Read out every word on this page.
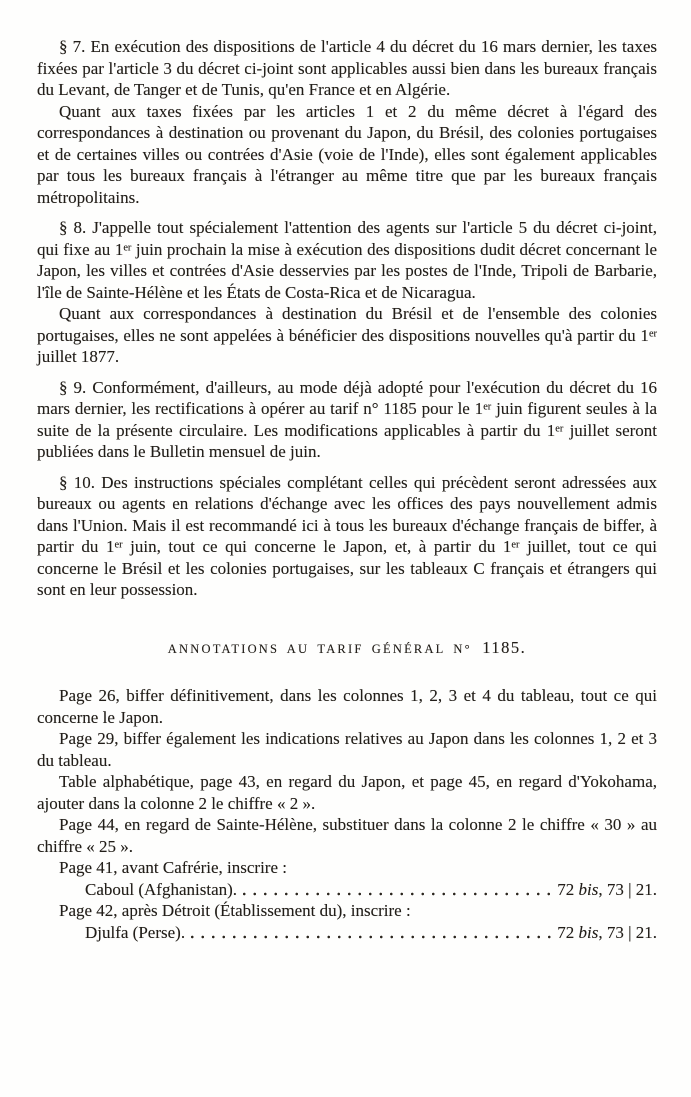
§ 7. En exécution des dispositions de l'article 4 du décret du 16 mars dernier, les taxes fixées par l'article 3 du décret ci-joint sont applicables aussi bien dans les bureaux français du Levant, de Tanger et de Tunis, qu'en France et en Algérie.

Quant aux taxes fixées par les articles 1 et 2 du même décret à l'égard des correspondances à destination ou provenant du Japon, du Brésil, des colonies portugaises et de certaines villes ou contrées d'Asie (voie de l'Inde), elles sont également applicables par tous les bureaux français à l'étranger au même titre que par les bureaux français métropolitains.

§ 8. J'appelle tout spécialement l'attention des agents sur l'article 5 du décret ci-joint, qui fixe au 1er juin prochain la mise à exécution des dispositions dudit décret concernant le Japon, les villes et contrées d'Asie desservies par les postes de l'Inde, Tripoli de Barbarie, l'île de Sainte-Hélène et les États de Costa-Rica et de Nicaragua.

Quant aux correspondances à destination du Brésil et de l'ensemble des colonies portugaises, elles ne sont appelées à bénéficier des dispositions nouvelles qu'à partir du 1er juillet 1877.

§ 9. Conformément, d'ailleurs, au mode déjà adopté pour l'exécution du décret du 16 mars dernier, les rectifications à opérer au tarif n° 1185 pour le 1er juin figurent seules à la suite de la présente circulaire. Les modifications applicables à partir du 1er juillet seront publiées dans le Bulletin mensuel de juin.

§ 10. Des instructions spéciales complétant celles qui précèdent seront adressées aux bureaux ou agents en relations d'échange avec les offices des pays nouvellement admis dans l'Union. Mais il est recommandé ici à tous les bureaux d'échange français de biffer, à partir du 1er juin, tout ce qui concerne le Japon, et, à partir du 1er juillet, tout ce qui concerne le Brésil et les colonies portugaises, sur les tableaux C français et étrangers qui sont en leur possession.

ANNOTATIONS AU TARIF GÉNÉRAL N° 1185.

Page 26, biffer définitivement, dans les colonnes 1, 2, 3 et 4 du tableau, tout ce qui concerne le Japon.

Page 29, biffer également les indications relatives au Japon dans les colonnes 1, 2 et 3 du tableau.

Table alphabétique, page 43, en regard du Japon, et page 45, en regard d'Yokohama, ajouter dans la colonne 2 le chiffre « 2 ».

Page 44, en regard de Sainte-Hélène, substituer dans la colonne 2 le chiffre « 30 » au chiffre « 25 ».

Page 41, avant Cafrérie, inscrire :

Caboul (Afghanistan).	72 bis, 73 | 21.

Page 42, après Détroit (Établissement du), inscrire :

Djulfa (Perse).	72 bis, 73 | 21.
